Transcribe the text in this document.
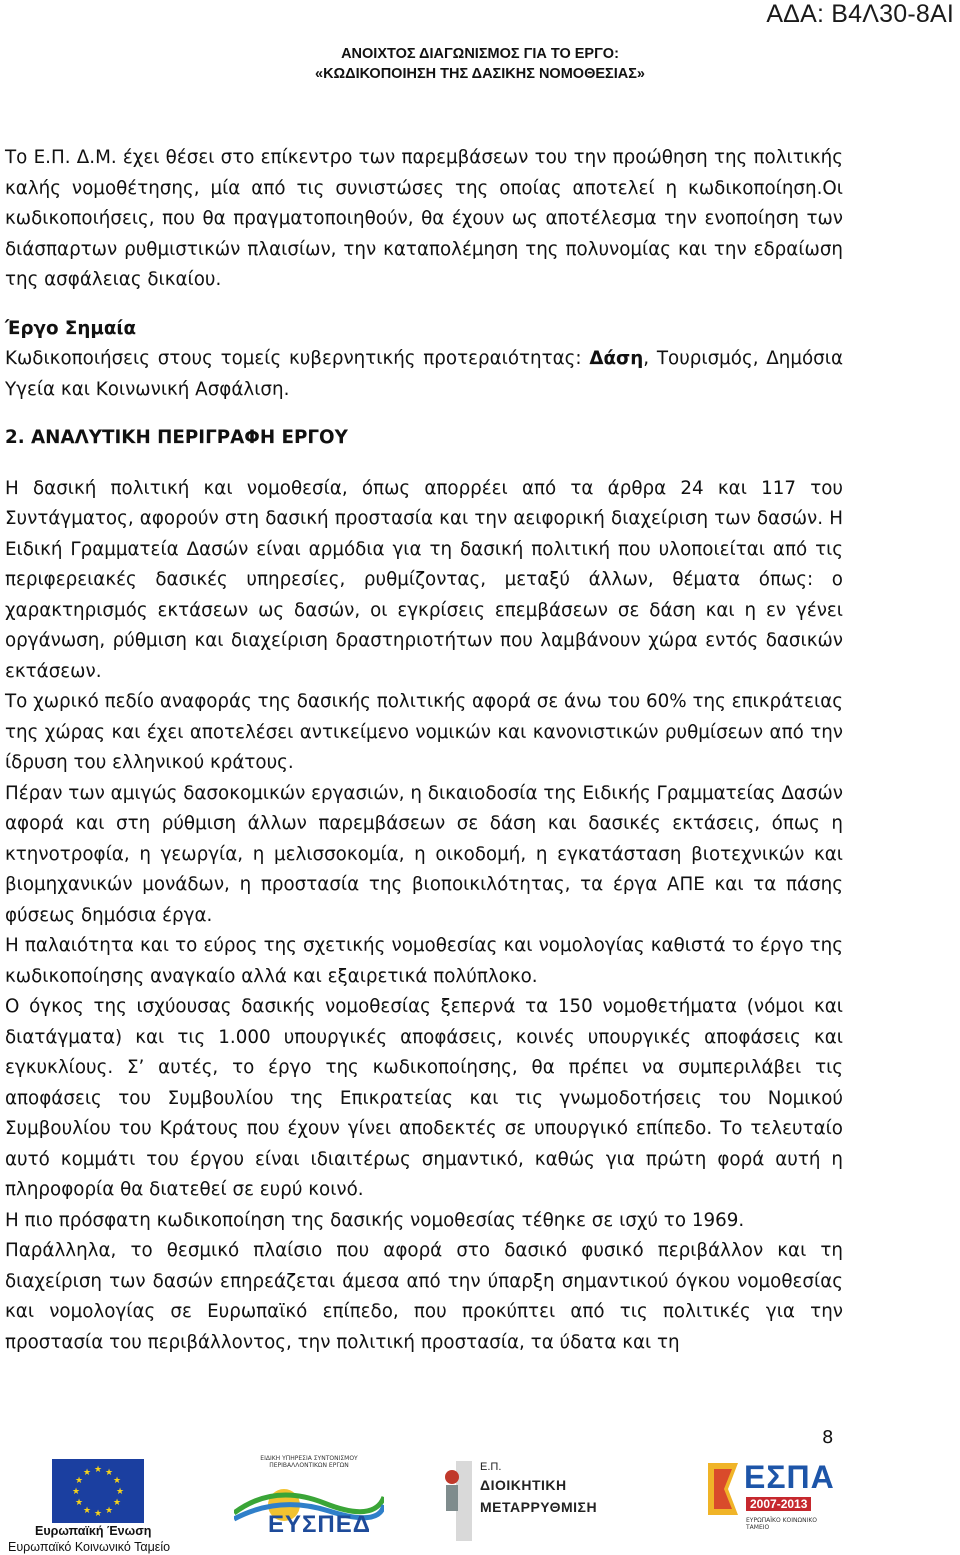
ΑΔΑ: Β4Λ30-8ΑΙ
ΑΝΟΙΧΤΟΣ ΔΙΑΓΩΝΙΣΜΟΣ ΓΙΑ ΤΟ ΕΡΓΟ:
«ΚΩΔΙΚΟΠΟΙΗΣΗ ΤΗΣ ΔΑΣΙΚΗΣ ΝΟΜΟΘΕΣΙΑΣ»

Το Ε.Π. Δ.Μ. έχει θέσει στο επίκεντρο των παρεμβάσεων του την προώθηση της πολιτικής καλής νομοθέτησης, μία από τις συνιστώσες της οποίας αποτελεί η κωδικοποίηση.Οι κωδικοποιήσεις, που θα πραγματοποιηθούν, θα έχουν ως αποτέλεσμα την ενοποίηση των διάσπαρτων ρυθμιστικών πλαισίων, την καταπολέμηση της πολυνομίας και την εδραίωση της ασφάλειας δικαίου.

Έργο Σημαία

Κωδικοποιήσεις στους τομείς κυβερνητικής προτεραιότητας: Δάση, Τουρισμός, Δημόσια Υγεία και Κοινωνική Ασφάλιση.

2. ΑΝΑΛΥΤΙΚΗ ΠΕΡΙΓΡΑΦΗ ΕΡΓΟΥ

Η δασική πολιτική και νομοθεσία, όπως απορρέει από τα άρθρα 24 και 117 του Συντάγματος, αφορούν στη δασική προστασία και την αειφορική διαχείριση των δασών. Η Ειδική Γραμματεία Δασών είναι αρμόδια για τη δασική πολιτική που υλοποιείται από τις περιφερειακές δασικές υπηρεσίες, ρυθμίζοντας, μεταξύ άλλων, θέματα όπως: ο χαρακτηρισμός εκτάσεων ως δασών, οι εγκρίσεις επεμβάσεων σε δάση και η εν γένει οργάνωση, ρύθμιση και διαχείριση δραστηριοτήτων που λαμβάνουν χώρα εντός δασικών εκτάσεων.

Το χωρικό πεδίο αναφοράς της δασικής πολιτικής αφορά σε άνω του 60% της επικράτειας της χώρας και έχει αποτελέσει αντικείμενο νομικών και κανονιστικών ρυθμίσεων από την ίδρυση του ελληνικού κράτους.

Πέραν των αμιγώς δασοκομικών εργασιών, η δικαιοδοσία της Ειδικής Γραμματείας Δασών αφορά και στη ρύθμιση άλλων παρεμβάσεων σε δάση και δασικές εκτάσεις, όπως η κτηνοτροφία, η γεωργία, η μελισσοκομία, η οικοδομή, η εγκατάσταση βιοτεχνικών και βιομηχανικών μονάδων, η προστασία της βιοποικιλότητας, τα έργα ΑΠΕ και τα πάσης φύσεως δημόσια έργα.

Η παλαιότητα και το εύρος της σχετικής νομοθεσίας και νομολογίας καθιστά το έργο της κωδικοποίησης αναγκαίο αλλά και εξαιρετικά πολύπλοκο.

Ο όγκος της ισχύουσας δασικής νομοθεσίας ξεπερνά τα 150 νομοθετήματα (νόμοι και διατάγματα) και τις 1.000 υπουργικές αποφάσεις, κοινές υπουργικές αποφάσεις και εγκυκλίους. Σ’ αυτές, το έργο της κωδικοποίησης, θα πρέπει να συμπεριλάβει τις αποφάσεις του Συμβουλίου της Επικρατείας και τις γνωμοδοτήσεις του Νομικού Συμβουλίου του Κράτους που έχουν γίνει αποδεκτές σε υπουργικό επίπεδο. Το τελευταίο αυτό κομμάτι του έργου είναι ιδιαιτέρως σημαντικό, καθώς για πρώτη φορά αυτή η πληροφορία θα διατεθεί σε ευρύ κοινό.

Η πιο πρόσφατη κωδικοποίηση της δασικής νομοθεσίας τέθηκε σε ισχύ το 1969.

Παράλληλα, το θεσμικό πλαίσιο που αφορά στο δασικό φυσικό περιβάλλον και τη διαχείριση των δασών επηρεάζεται άμεσα από την ύπαρξη σημαντικού όγκου νομοθεσίας και νομολογίας σε Ευρωπαϊκό επίπεδο, που προκύπτει από τις πολιτικές για την προστασία του περιβάλλοντος, την πολιτική προστασία, τα ύδατα και τη

8
★ ★
★
★
★
★
★
★
★
★
★
★
Ευρωπαϊκή Ένωση
Ευρωπαϊκό Κοινωνικό Ταμείο
ΕΙΔΙΚΗ ΥΠΗΡΕΣΙΑ ΣΥΝΤΟΝΙΣΜΟΥ ΠΕΡΙΒΑΛΛΟΝΤΙΚΩΝ ΕΡΓΩΝ
ΕΥΣΠΕΔ
Ε.Π.
ΔΙΟΙΚΗΤΙΚΗ
ΜΕΤΑΡΡΥΘΜΙΣΗ
ΕΣΠΑ
2007-2013
ΕΥΡΩΠΑΪΚΟ ΚΟΙΝΩΝΙΚΟ ΤΑΜΕΙΟ
